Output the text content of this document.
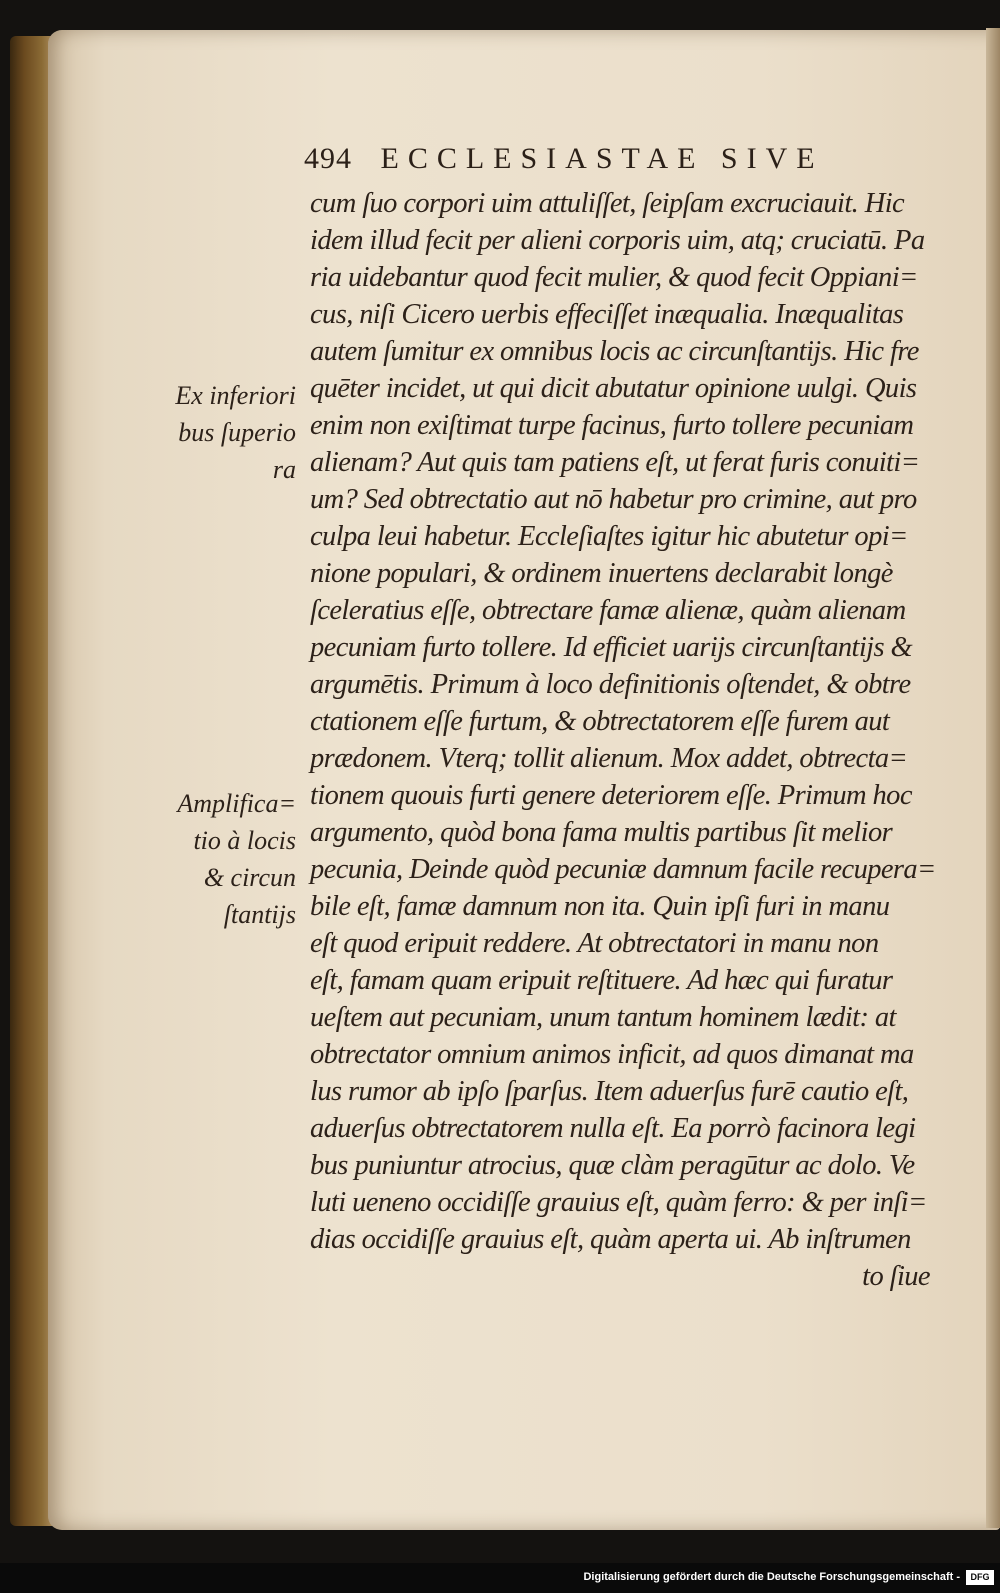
494 ECCLESIASTAE SIVE
cum ſuo corpori uim attuliſſet, ſeipſam excruciauit. Hic
idem illud fecit per alieni corporis uim, atq; cruciatū. Pa
ria uidebantur quod fecit mulier, & quod fecit Oppiani=
cus, niſi Cicero uerbis effeciſſet inæqualia. Inæqualitas
autem ſumitur ex omnibus locis ac circunſtantijs. Hic fre
quēter incidet, ut qui dicit abutatur opinione uulgi. Quis
enim non exiſtimat turpe facinus, furto tollere pecuniam
alienam? Aut quis tam patiens eſt, ut ferat furis conuiti=
um? Sed obtrectatio aut nō habetur pro crimine, aut pro
culpa leui habetur. Eccleſiaſtes igitur hic abutetur opi=
nione populari, & ordinem inuertens declarabit longè
ſceleratius eſſe, obtrectare famæ alienæ, quàm alienam
pecuniam furto tollere. Id efficiet uarijs circunſtantijs &
argumētis. Primum à loco definitionis oſtendet, & obtre
ctationem eſſe furtum, & obtrectatorem eſſe furem aut
prædonem. Vterq; tollit alienum. Mox addet, obtrecta=
tionem quouis furti genere deteriorem eſſe. Primum hoc
argumento, quòd bona fama multis partibus ſit melior
pecunia, Deinde quòd pecuniæ damnum facile recupera=
bile eſt, famæ damnum non ita. Quin ipſi furi in manu
eſt quod eripuit reddere. At obtrectatori in manu non
eſt, famam quam eripuit reſtituere. Ad hæc qui furatur
ueſtem aut pecuniam, unum tantum hominem lædit: at
obtrectator omnium animos inficit, ad quos dimanat ma
lus rumor ab ipſo ſparſus. Item aduerſus furē cautio eſt,
aduerſus obtrectatorem nulla eſt. Ea porrò facinora legi
bus puniuntur atrocius, quæ clàm peragūtur ac dolo. Ve
luti ueneno occidiſſe grauius eſt, quàm ferro: & per inſi=
dias occidiſſe grauius eſt, quàm aperta ui. Ab inſtrumen
to ſiue
Ex inferiori
bus ſuperio
ra
Amplifica=
tio à locis
& circun
ſtantijs
Digitalisierung gefördert durch die Deutsche Forschungsgemeinschaft -	DFG
